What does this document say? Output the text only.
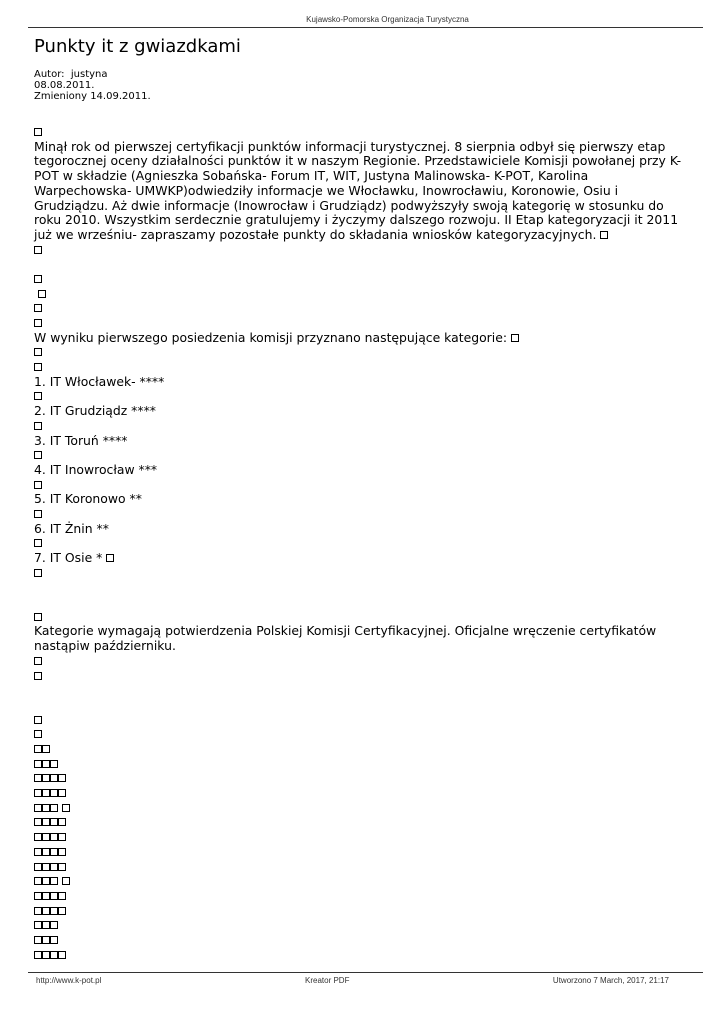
Kujawsko-Pomorska Organizacja Turystyczna
Punkty it z gwiazdkami
Autor:  justyna
08.08.2011.
Zmieniony 14.09.2011.
Minął rok od pierwszej certyfikacji punktów informacji turystycznej. 8 sierpnia odbył się pierwszy etap tegorocznej oceny działalności punktów it w naszym Regionie. Przedstawiciele Komisji powołanej przy K-POT w składzie (Agnieszka Sobańska- Forum IT, WIT, Justyna Malinowska- K-POT, Karolina Warpechowska- UMWKP)odwiedziły informacje we Włocławku, Inowrocławiu, Koronowie, Osiu i Grudziądzu. Aż dwie informacje (Inowrocław i Grudziądz) podwyższyły swoją kategorię w stosunku do roku 2010. Wszystkim serdecznie gratulujemy i życzymy dalszego rozwoju. II Etap kategoryzacji it 2011 już we wrześniu- zapraszamy pozostałe punkty do składania wniosków kategoryzacyjnych.

W wyniku pierwszego posiedzenia komisji przyznano następujące kategorie:
1. IT Włocławek- ****
2. IT Grudziądz ****
3. IT Toruń ****
4. IT Inowrocław ***
5. IT Koronowo **
6. IT Żnin **
7. IT Osie *
Kategorie wymagają potwierdzenia Polskiej Komisji Certyfikacyjnej. Oficjalne wręczenie certyfikatów nastąpiw październiku.
http://www.k-pot.pl	Kreator PDF	Utworzono 7 March, 2017, 21:17
